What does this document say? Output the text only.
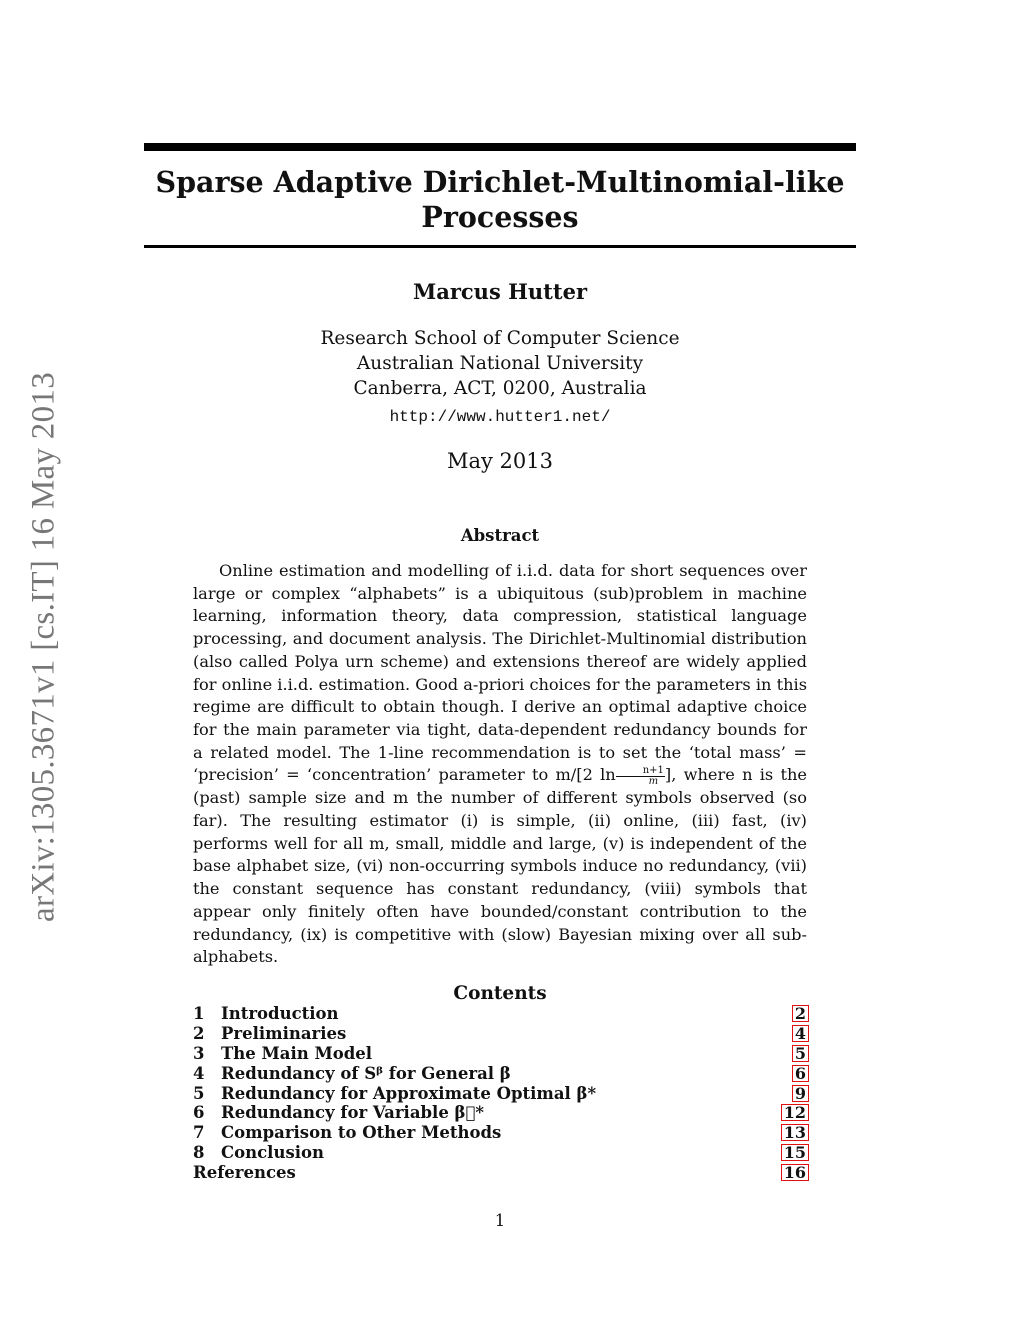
arXiv:1305.3671v1 [cs.IT] 16 May 2013
Sparse Adaptive Dirichlet-Multinomial-like
Processes
Marcus Hutter
Research School of Computer Science
Australian National University
Canberra, ACT, 0200, Australia
http://www.hutter1.net/
May 2013
Abstract
Online estimation and modelling of i.i.d. data for short sequences over large or complex “alphabets” is a ubiquitous (sub)problem in machine learning, information theory, data compression, statistical language processing, and document analysis. The Dirichlet-Multinomial distribution (also called Polya urn scheme) and extensions thereof are widely applied for online i.i.d. estimation. Good a-priori choices for the parameters in this regime are difficult to obtain though. I derive an optimal adaptive choice for the main parameter via tight, data-dependent redundancy bounds for a related model. The 1-line recommendation is to set the ‘total mass’ = ‘precision’ = ‘concentration’ parameter to m/[2 $\ln \frac{n+1}{m}$ ], where n is the (past) sample size and m the number of different symbols observed (so far). The resulting estimator (i) is simple, (ii) online, (iii) fast, (iv) performs well for all m, small, middle and large, (v) is independent of the base alphabet size, (vi) non-occurring symbols induce no redundancy, (vii) the constant sequence has constant redundancy, (viii) symbols that appear only finitely often have bounded/constant contribution to the redundancy, (ix) is competitive with (slow) Bayesian mixing over all sub-alphabets.
Contents
1	Introduction	2
2	Preliminaries	4
3	The Main Model	5
4	Redundancy of Sᵝ for General β	6
5	Redundancy for Approximate Optimal β*	9
6	Redundancy for Variable β⃗*	12
7	Comparison to Other Methods	13
8	Conclusion	15
References	16
1
